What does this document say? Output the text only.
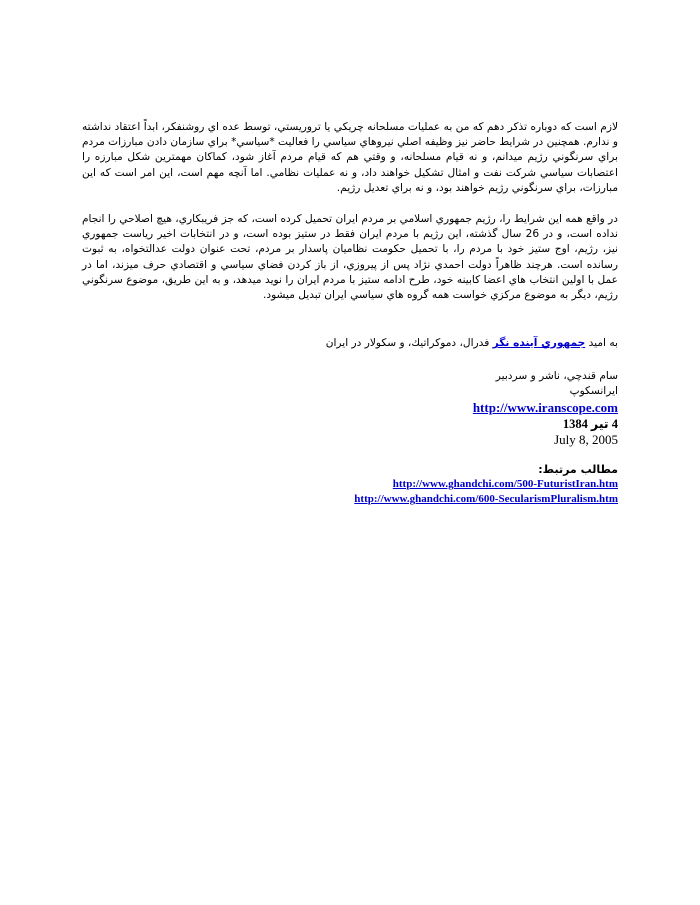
لازم است كه دوباره تذكر دهم كه من به عمليات مسلحانه چريكي يا تروريستي، توسط عده اي روشنفكر، ابداً اعتقاد نداشته و ندارم. همچنين در شرايط حاضر نيز وظيفه اصلي نيروهاي سياسي را فعاليت *سياسي* براي سازمان دادن مبارزات مردم براي سرنگوني رژيم ميدانم، و نه قيام مسلحانه، و وقتي هم كه قيام مردم آغاز شود، كماكان مهمترين شكل مبارزه را اعتصابات سياسي شركت نفت و امثال تشكيل خواهند داد، و نه عمليات نظامي. اما آنچه مهم است، اين امر است كه اين مبارزات، براي سرنگوني رژيم خواهند بود، و نه براي تعديل رژيم.

در واقع همه اين شرايط را، رژيم جمهوري اسلامي بر مردم ايران تحميل كرده است، كه جز فريبكاري، هيچ اصلاحي را انجام نداده است، و در 26 سال گذشته، اين رژيم با مردم ايران فقط در ستيز بوده است، و در انتخابات اخير رياست جمهوري نيز، رژيم، اوج ستيز خود با مردم را، با تحميل حكومت نظاميان پاسدار بر مردم، تحت عنوان دولت عدالتخواه، به ثبوت رسانده است. هرچند ظاهراً دولت احمدي نژاد پس از پيروزي، از باز كردن فضاي سياسي و اقتصادي حرف ميزند، اما در عمل با اولين انتخاب هاي اعضا كابينه خود، طرح ادامه ستيز با مردم ايران را نويد ميدهد، و به اين طريق، موضوع سرنگوني رژيم، ديگر به موضوع مركزي خواست همه گروه هاي سياسي ايران تبديل ميشود.

به اميد جمهوري آينده نگر فدرال، دموكراتيك، و سكولار در ايران
سام قندچي، ناشر و سردبير
ايرانسكوپ
http://www.iranscope.com
4 تير 1384
July 8, 2005
مطالب مرتبط:
http://www.ghandchi.com/500-FuturistIran.htm
http://www.ghandchi.com/600-SecularismPluralism.htm
